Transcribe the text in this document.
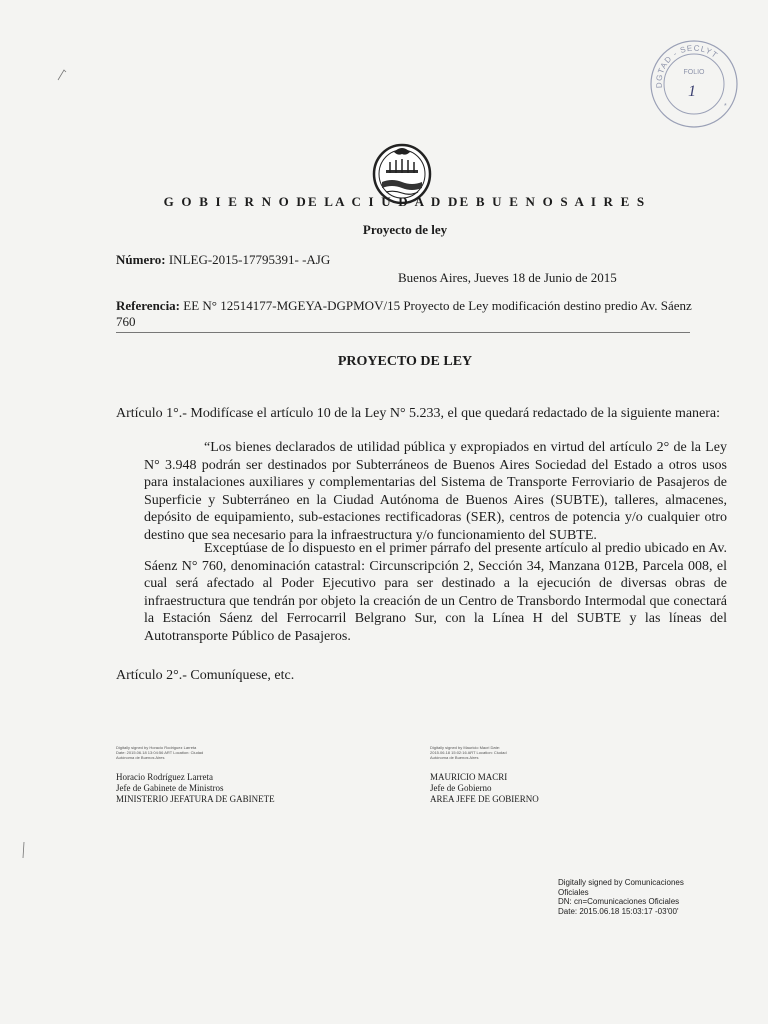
DGTAD - SECLYT
FOLIO
1
*
G O B I E R N O DE LA C I U D A D DE B U E N O S A I R E S
Proyecto de ley
Número: INLEG-2015-17795391- -AJG
Buenos Aires, Jueves 18 de Junio de 2015
Referencia: EE N° 12514177-MGEYA-DGPMOV/15 Proyecto de Ley modificación destino predio Av. Sáenz 760
PROYECTO DE LEY
Artículo 1°.- Modifícase el artículo 10 de la Ley N° 5.233, el que quedará redactado de la siguiente manera:

“Los bienes declarados de utilidad pública y expropiados en virtud del artículo 2° de la Ley N° 3.948 podrán ser destinados por Subterráneos de Buenos Aires Sociedad del Estado a otros usos para instalaciones auxiliares y complementarias del Sistema de Transporte Ferroviario de Pasajeros de Superficie y Subterráneo en la Ciudad Autónoma de Buenos Aires (SUBTE), talleres, almacenes, depósito de equipamiento, sub-estaciones rectificadoras (SER), centros de potencia y/o cualquier otro destino que sea necesario para la infraestructura y/o funcionamiento del SUBTE.

Exceptúase de lo dispuesto en el primer párrafo del presente artículo al predio ubicado en Av. Sáenz N° 760, denominación catastral: Circunscripción 2, Sección 34, Manzana 012B, Parcela 008, el cual será afectado al Poder Ejecutivo para ser destinado a la ejecución de diversas obras de infraestructura que tendrán por objeto la creación de un Centro de Transbordo Intermodal que conectará la Estación Sáenz del Ferrocarril Belgrano Sur, con la Línea H del SUBTE y las líneas del Autotransporte Público de Pasajeros.

Artículo 2°.- Comuníquese, etc.
Digitally signed by Horacio Rodriguez Larreta Date: 2015.06.18 13:04:56 ART Location: Ciudad Autónoma de Buenos Aires
Digitally signed by Mauricio Macri Date: 2015.06.18 15:02:16 ART Location: Ciudad Autónoma de Buenos Aires
Horacio Rodríguez Larreta
Jefe de Gabinete de Ministros
MINISTERIO JEFATURA DE GABINETE
MAURICIO MACRI
Jefe de Gobierno
AREA JEFE DE GOBIERNO
Digitally signed by Comunicaciones
Oficiales
DN: cn=Comunicaciones Oficiales
Date: 2015.06.18 15:03:17 -03'00'
